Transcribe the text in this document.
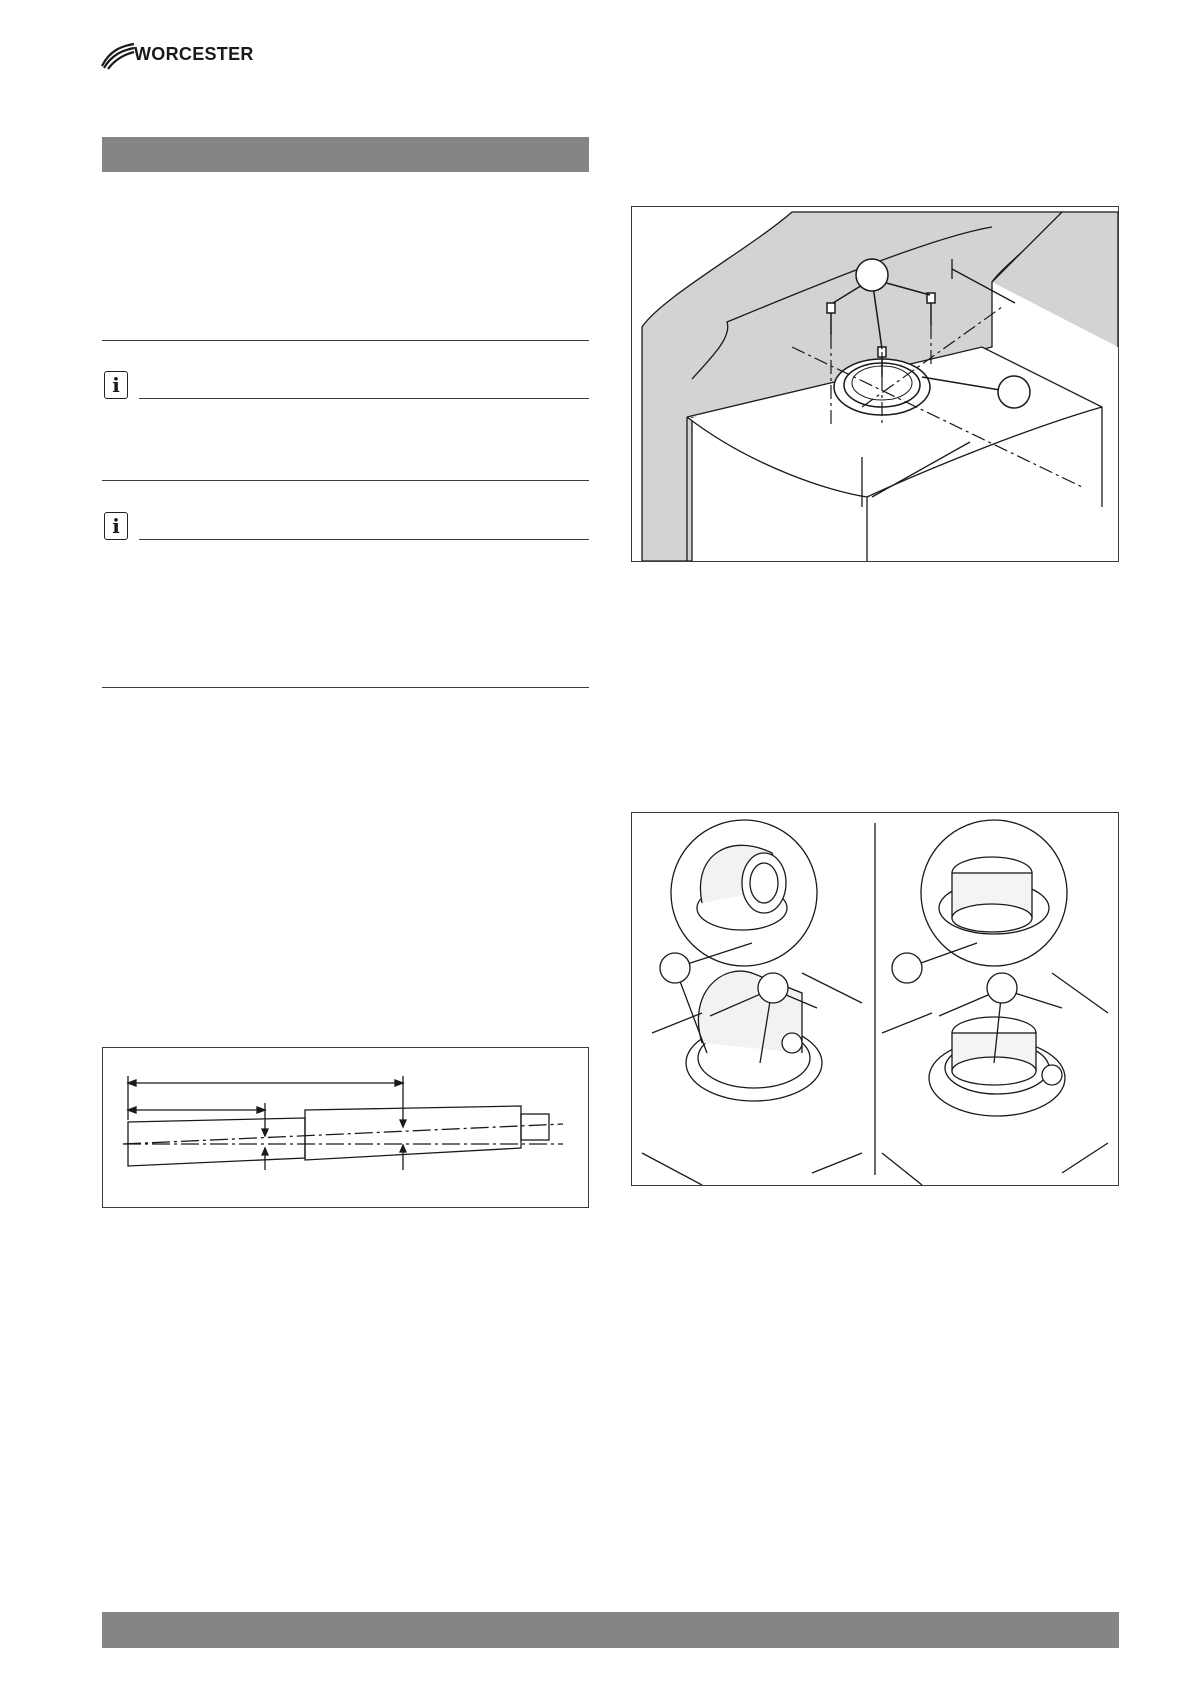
WORCESTER
i
i
